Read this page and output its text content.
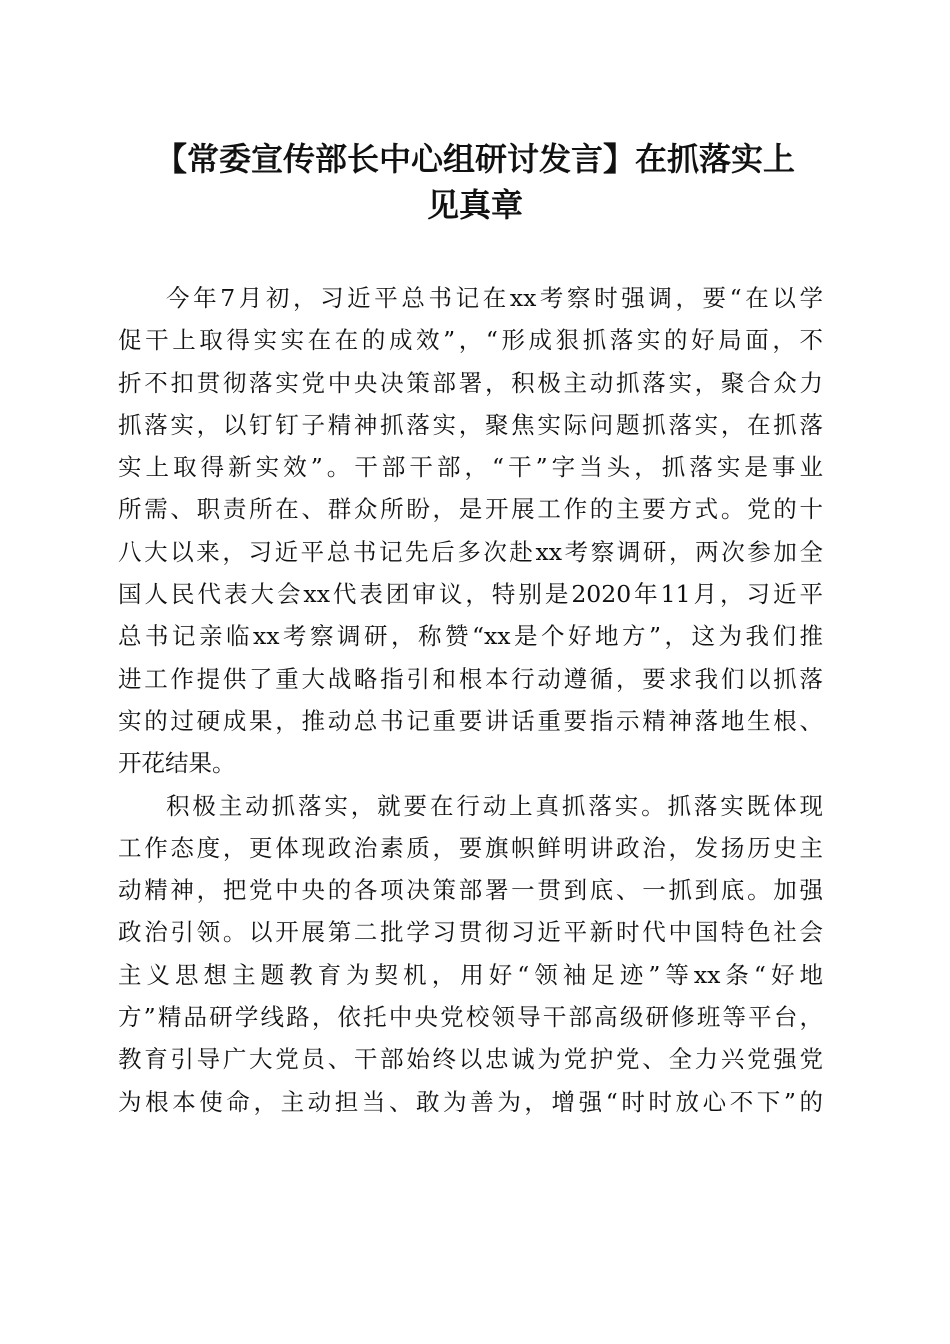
【常委宣传部长中心组研讨发言】在抓落实上
见真章
今年7月初，习近平总书记在xx考察时强调，要“在以学
促干上取得实实在在的成效”，“形成狠抓落实的好局面，不
折不扣贯彻落实党中央决策部署，积极主动抓落实，聚合众力
抓落实，以钉钉子精神抓落实，聚焦实际问题抓落实，在抓落
实上取得新实效”。干部干部，“干”字当头，抓落实是事业
所需、职责所在、群众所盼，是开展工作的主要方式。党的十
八大以来，习近平总书记先后多次赴xx考察调研，两次参加全
国人民代表大会xx代表团审议，特别是2020年11月，习近平
总书记亲临xx考察调研，称赞“xx是个好地方”，这为我们推
进工作提供了重大战略指引和根本行动遵循，要求我们以抓落
实的过硬成果，推动总书记重要讲话重要指示精神落地生根、
开花结果。
积极主动抓落实，就要在行动上真抓落实。抓落实既体现
工作态度，更体现政治素质，要旗帜鲜明讲政治，发扬历史主
动精神，把党中央的各项决策部署一贯到底、一抓到底。加强
政治引领。以开展第二批学习贯彻习近平新时代中国特色社会
主义思想主题教育为契机，用好“领袖足迹”等xx条“好地
方”精品研学线路，依托中央党校领导干部高级研修班等平台，
教育引导广大党员、干部始终以忠诚为党护党、全力兴党强党
为根本使命，主动担当、敢为善为，增强“时时放心不下”的
